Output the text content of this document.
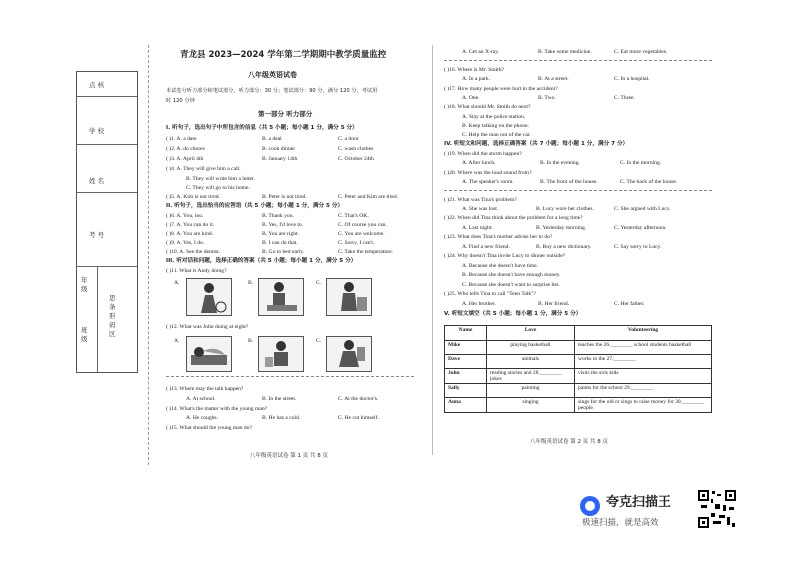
青龙县 2023—2024 学年第二学期期中教学质量监控
八年级英语试卷
本试卷分听力部分和笔试部分，听力部分：30 分；笔试部分：90 分，满分 120 分，考试用
时 120 分钟
点 核
学 校
姓 名
考 号
年级
班级
思 条 形 码 区
第一部分 听力部分
I. 听句子，选出句子中所包含的信息（共 5 小题；每小题 1 分，满分 5 分）
( )1. A. a date	B. a deal	C. a door
( )2. A. do chores	B. cook dinner	C. wash clothes
( )3. A. April 4th	B. January 14th	C. October 24th
( )4. A. They will give him a call.
B. They will write him a letter.
C. They will go to his home.
( )5. A. Kim is not tired.	B. Peter is not tired.	C. Peter and Kim are tired.
II. 听句子，选出恰当的应答语（共 5 小题；每小题 1 分，满分 5 分）
( )6. A. You, too.	B. Thank you.	C. That's OK.
( )7. A. You can do it.	B. Yes, I'd love to.	C. Of course you can.
( )8. A. You are kind.	B. You are right.	C. You are welcome.
( )9. A. Yes, I do.	B. I can do that.	C. Sorry, I can't.
( )10. A. See the dentist.	B. Go to bed early.	C. Take the temperature.
III. 听对话和问题，选择正确的答案（共 5 小题；每小题 1 分，满分 5 分）
( )11. What is Andy doing?
A.	B.	C.
( )12. What was John doing at eight?
A.	B.	C.
( )13. Where may the talk happen?
A. At school.	B. In the street.	C. At the doctor's.
( )14. What's the matter with the young man?
A. He coughs.	B. He has a cold.	C. He cut himself.
( )15. What should the young man do?
八年级英语试卷 第 1 页 共 8 页
A. Get an X-ray.	B. Take some medicine.	C. Eat more vegetables.
( )16. Where is Mr. Smith?
A. In a park.	B. At a street.	C. In a hospital.
( )17. How many people were hurt in the accident?
A. One.	B. Two.	C. Three.
( )18. What should Mr. Smith do next?
A. Stay at the police station.
B. Keep talking on the phone.
C. Help the man out of the car.
IV. 听短文和问题，选择正确答案（共 7 小题；每小题 1 分，满分 7 分）
( )19. When did the storm happen?
A. After lunch.	B. In the evening.	C. In the morning.
( )20. Where was the loud sound from?
A. The speaker's room.	B. The front of the house.	C. The back of the house.
( )21. What was Tina's problem?
A. She was lost.	B. Lucy wore her clothes.	C. She argued with Lucy.
( )22. When did Tina think about the problem for a long time?
A. Last night.	B. Yesterday morning.	C. Yesterday afternoon.
( )23. What does Tina's mother advise her to do?
A. Find a new friend.	B. Buy a new dictionary.	C. Say sorry to Lucy.
( )24. Why doesn't Tina invite Lucy to dinner outside?
A. Because she doesn't have time.
B. Because she doesn't have enough money.
C. Because she doesn't want to surprise her.
( )25. Who tells Tina to call "Teen Talk"?
A. Her brother.	B. Her friend.	C. Her father.
V. 听短文填空（共 5 小题；每小题 1 分，满分 5 分）
Name	Love	Volunteering
Mike	playing basketball	teaches the 26.________ school students basketball
Dave	animals	works in the 27.________
John	reading stories and 28.________ jokes	visits the sick kids
Sally	painting	paints for the school 29.________
Anna	singing	sings for the old or sings to raise money for 30.________ people.
八年级英语试卷 第 2 页 共 8 页
夸克扫描王
极速扫描，就是高效
